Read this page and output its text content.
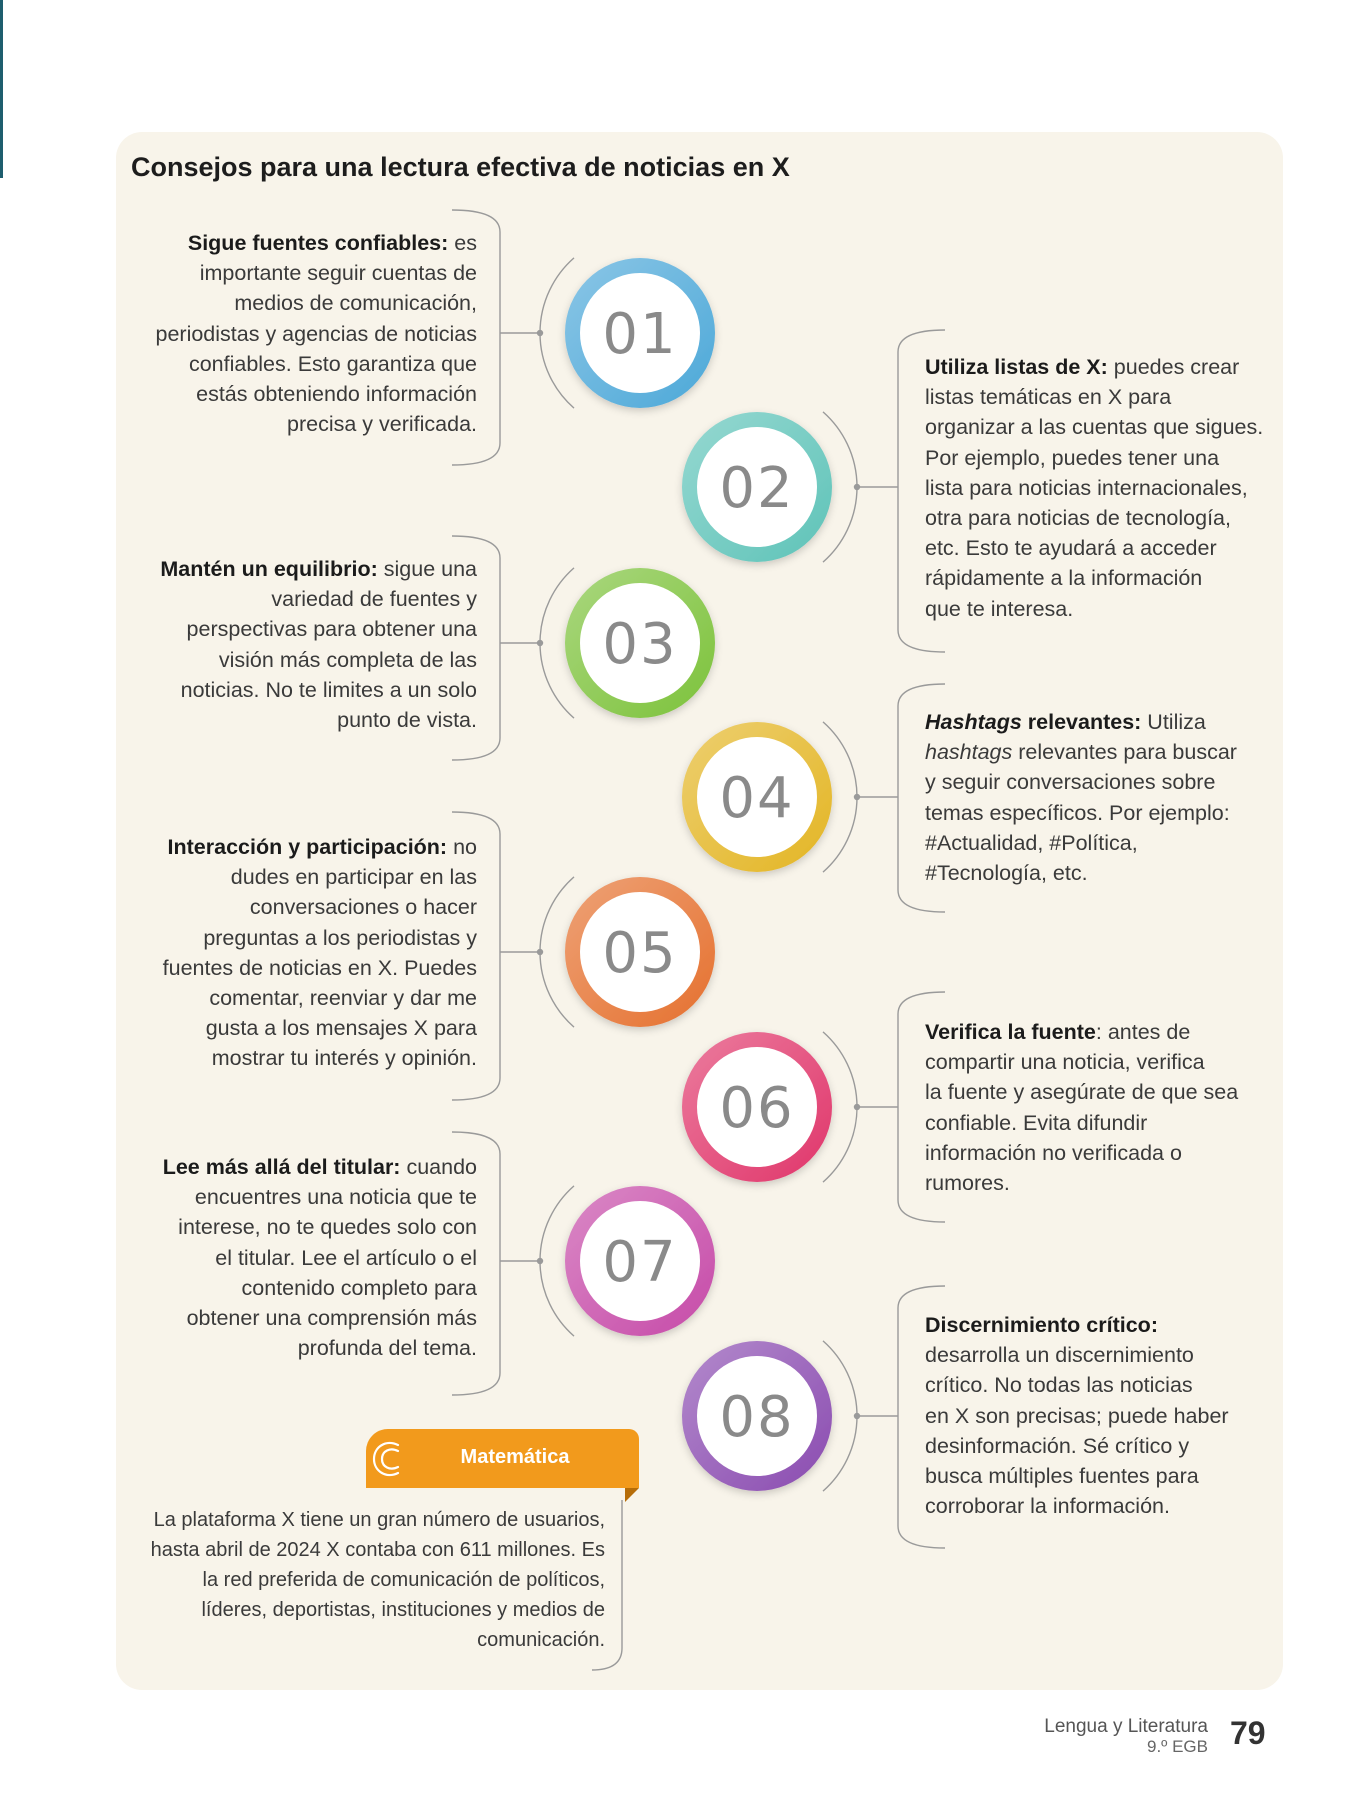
Consejos para una lectura efectiva de noticias en X
01
02
03
04
05
06
07
08
Sigue fuentes confiables: es
importante seguir cuentas de
medios de comunicación,
periodistas y agencias de noticias
confiables. Esto garantiza que
estás obteniendo información
precisa y verificada.
Utiliza listas de X: puedes crear
listas temáticas en X para
organizar a las cuentas que sigues.
Por ejemplo, puedes tener una
lista para noticias internacionales,
otra para noticias de tecnología,
etc. Esto te ayudará a acceder
rápidamente a la información
que te interesa.
Mantén un equilibrio: sigue una
variedad de fuentes y
perspectivas para obtener una
visión más completa de las
noticias. No te limites a un solo
punto de vista.	Hashtags relevantes: Utiliza
hashtags relevantes para buscar
y seguir conversaciones sobre
temas específicos. Por ejemplo:
#Actualidad, #Política,
#Tecnología, etc.
Interacción y participación: no
dudes en participar en las
conversaciones o hacer
preguntas a los periodistas y
fuentes de noticias en X. Puedes
comentar, reenviar y dar me
gusta a los mensajes X para
mostrar tu interés y opinión.
Verifica la fuente: antes de
compartir una noticia, verifica
la fuente y asegúrate de que sea
confiable. Evita difundir
información no verificada o
rumores.
Lee más allá del titular: cuando
encuentres una noticia que te
interese, no te quedes solo con
el titular. Lee el artículo o el
contenido completo para
obtener una comprensión más
profunda del tema.
Discernimiento crítico:
desarrolla un discernimiento
crítico. No todas las noticias
en X son precisas; puede haber
desinformación. Sé crítico y
busca múltiples fuentes para
corroborar la información.
Matemática
La plataforma X tiene un gran número de usuarios,
hasta abril de 2024 X contaba con 611 millones. Es
la red preferida de comunicación de políticos,
líderes, deportistas, instituciones y medios de
comunicación.
Lengua y Literatura
9.º EGB 79
